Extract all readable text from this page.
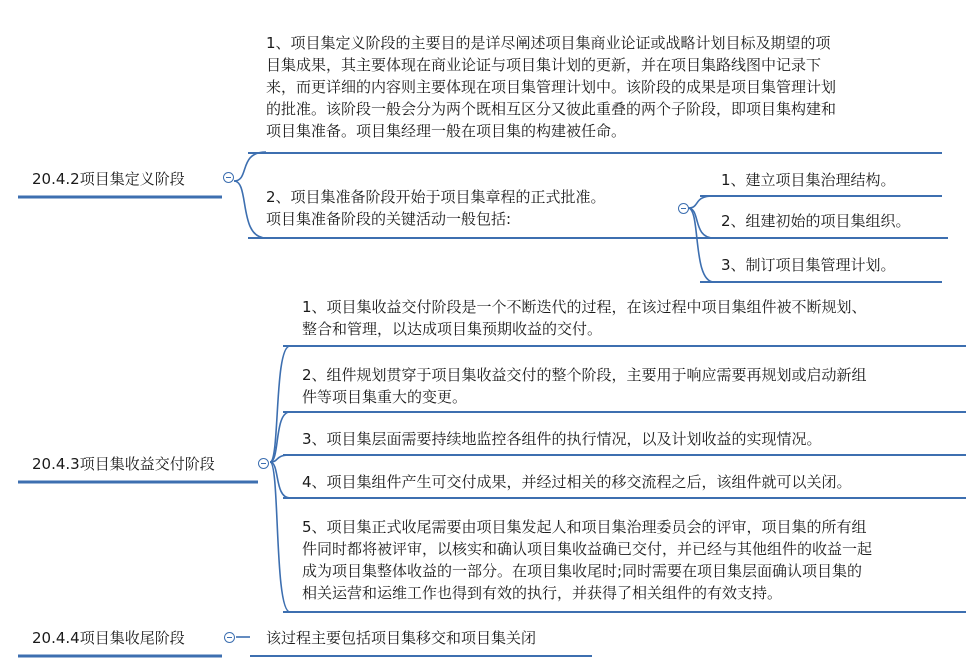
20.4.2项目集定义阶段
1、项目集定义阶段的主要目的是详尽阐述项目集商业论证或战略计划目标及期望的项
目集成果，其主要体现在商业论证与项目集计划的更新，并在项目集路线图中记录下
来，而更详细的内容则主要体现在项目集管理计划中。该阶段的成果是项目集管理计划
的批准。该阶段一般会分为两个既相互区分又彼此重叠的两个子阶段，即项目集构建和
项目集准备。项目集经理一般在项目集的构建被任命。
2、项目集准备阶段开始于项目集章程的正式批准。
项目集准备阶段的关键活动一般包括:
1、建立项目集治理结构。
2、组建初始的项目集组织。
3、制订项目集管理计划。
20.4.3项目集收益交付阶段
1、项目集收益交付阶段是一个不断迭代的过程，在该过程中项目集组件被不断规划、
整合和管理，以达成项目集预期收益的交付。
2、组件规划贯穿于项目集收益交付的整个阶段，主要用于响应需要再规划或启动新组
件等项目集重大的变更。
3、项目集层面需要持续地监控各组件的执行情况，以及计划收益的实现情况。
4、项目集组件产生可交付成果，并经过相关的移交流程之后，该组件就可以关闭。
5、项目集正式收尾需要由项目集发起人和项目集治理委员会的评审，项目集的所有组
件同时都将被评审，以核实和确认项目集收益确已交付，并已经与其他组件的收益一起
成为项目集整体收益的一部分。在项目集收尾时;同时需要在项目集层面确认项目集的
相关运营和运维工作也得到有效的执行，并获得了相关组件的有效支持。
20.4.4项目集收尾阶段	该过程主要包括项目集移交和项目集关闭
